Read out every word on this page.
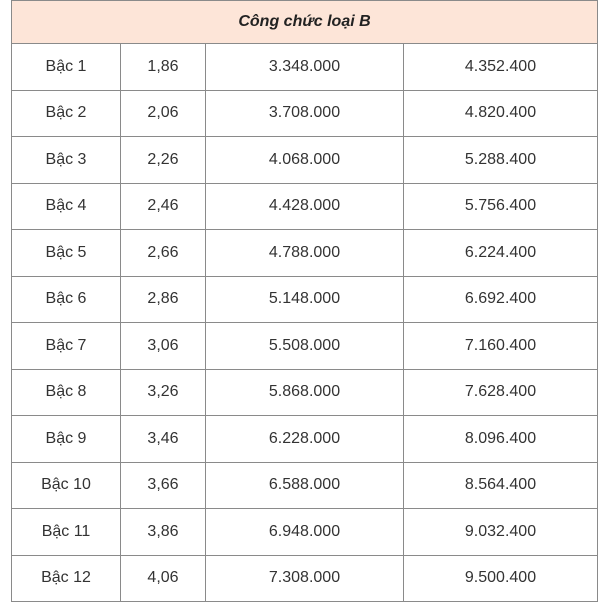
Công chức loại B			
Bậc 1	1,86	3.348.000	4.352.400
Bậc 2	2,06	3.708.000	4.820.400
Bậc 3	2,26	4.068.000	5.288.400
Bậc 4	2,46	4.428.000	5.756.400
Bậc 5	2,66	4.788.000	6.224.400
Bậc 6	2,86	5.148.000	6.692.400
Bậc 7	3,06	5.508.000	7.160.400
Bậc 8	3,26	5.868.000	7.628.400
Bậc 9	3,46	6.228.000	8.096.400
Bậc 10	3,66	6.588.000	8.564.400
Bậc 11	3,86	6.948.000	9.032.400
Bậc 12	4,06	7.308.000	9.500.400
